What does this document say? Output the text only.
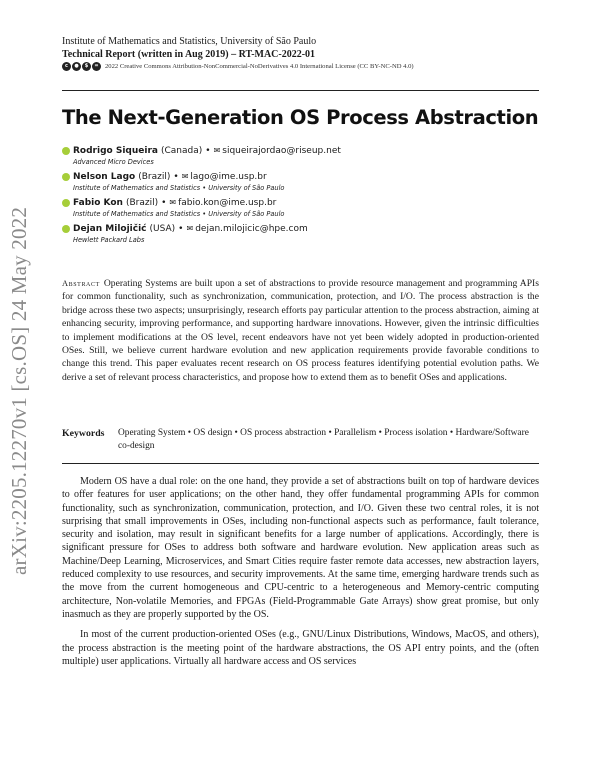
arXiv:2205.12270v1 [cs.OS] 24 May 2022
Institute of Mathematics and Statistics, University of São Paulo
Technical Report (written in Aug 2019) – RT-MAC-2022-01
c	●	$	= 2022 Creative Commons Attribution-NonCommercial-NoDerivatives 4.0 International License (CC BY-NC-ND 4.0)
The Next-Generation OS Process Abstraction
Rodrigo Siqueira (Canada) • ✉ siqueirajordao@riseup.net
Advanced Micro Devices
Nelson Lago (Brazil) • ✉ lago@ime.usp.br
Institute of Mathematics and Statistics • University of São Paulo
Fabio Kon (Brazil) • ✉ fabio.kon@ime.usp.br
Institute of Mathematics and Statistics • University of São Paulo
Dejan Milojičić (USA) • ✉ dejan.milojicic@hpe.com
Hewlett Packard Labs
Abstract Operating Systems are built upon a set of abstractions to provide resource management and programming APIs for common functionality, such as synchronization, communication, protection, and I/O. The process abstraction is the bridge across these two aspects; unsurprisingly, research efforts pay particular attention to the process abstraction, aiming at enhancing security, improving performance, and supporting hardware innovations. However, given the intrinsic difficulties to implement modifications at the OS level, recent endeavors have not yet been widely adopted in production-oriented OSes. Still, we believe current hardware evolution and new application requirements provide favorable conditions to change this trend. This paper evaluates recent research on OS process features identifying potential evolution paths. We derive a set of relevant process characteristics, and propose how to extend them as to benefit OSes and applications.
Keywords	Operating System • OS design • OS process abstraction • Parallelism • Process isolation • Hardware/Software co-design

Modern OS have a dual role: on the one hand, they provide a set of abstractions built on top of hardware devices to offer features for user applications; on the other hand, they offer fundamental programming APIs for common functionality, such as synchronization, communication, protection, and I/O. Given these two central roles, it is not surprising that small improvements in OSes, including non-functional aspects such as performance, fault tolerance, security and isolation, may result in significant benefits for a large number of applications. Accordingly, there is significant pressure for OSes to address both software and hardware evolution. New application areas such as Machine/Deep Learning, Microservices, and Smart Cities require faster remote data accesses, new abstraction layers, reduced complexity to use resources, and security improvements. At the same time, emerging hardware trends such as the move from the current homogeneous and CPU-centric to a heterogeneous and Memory-centric computing architecture, Non-volatile Memories, and FPGAs (Field-Programmable Gate Arrays) show great promise, but only inasmuch as they are properly supported by the OS.

In most of the current production-oriented OSes (e.g., GNU/Linux Distributions, Windows, MacOS, and others), the process abstraction is the meeting point of the hardware abstractions, the OS API entry points, and the (often multiple) user applications. Virtually all hardware access and OS services
